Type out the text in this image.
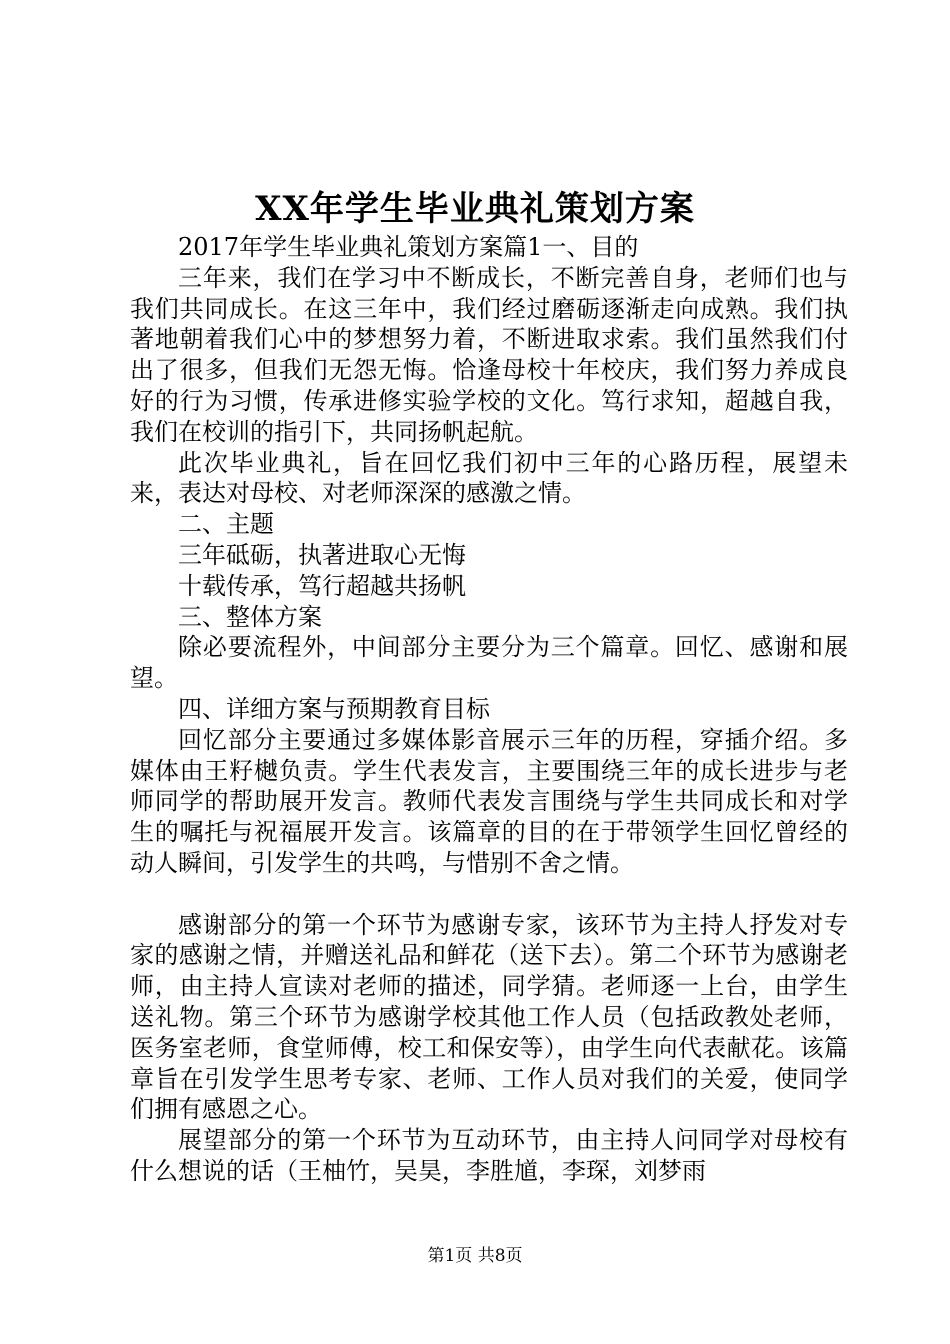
XX年学生毕业典礼策划方案

2017年学生毕业典礼策划方案篇1一、目的

三年来，我们在学习中不断成长，不断完善自身，老师们也与我们共同成长。在这三年中，我们经过磨砺逐渐走向成熟。我们执著地朝着我们心中的梦想努力着，不断进取求索。我们虽然我们付出了很多，但我们无怨无悔。恰逢母校十年校庆，我们努力养成良好的行为习惯，传承进修实验学校的文化。笃行求知，超越自我，我们在校训的指引下，共同扬帆起航。

此次毕业典礼，旨在回忆我们初中三年的心路历程，展望未来，表达对母校、对老师深深的感激之情。

二、主题

三年砥砺，执著进取心无悔

十载传承，笃行超越共扬帆

三、整体方案

除必要流程外，中间部分主要分为三个篇章。回忆、感谢和展望。

四、详细方案与预期教育目标

回忆部分主要通过多媒体影音展示三年的历程，穿插介绍。多媒体由王籽樾负责。学生代表发言，主要围绕三年的成长进步与老师同学的帮助展开发言。教师代表发言围绕与学生共同成长和对学生的嘱托与祝福展开发言。该篇章的目的在于带领学生回忆曾经的动人瞬间，引发学生的共鸣，与惜别不舍之情。

感谢部分的第一个环节为感谢专家，该环节为主持人抒发对专家的感谢之情，并赠送礼品和鲜花（送下去）。第二个环节为感谢老师，由主持人宣读对老师的描述，同学猜。老师逐一上台，由学生送礼物。第三个环节为感谢学校其他工作人员（包括政教处老师，医务室老师，食堂师傅，校工和保安等），由学生向代表献花。该篇章旨在引发学生思考专家、老师、工作人员对我们的关爱，使同学们拥有感恩之心。

展望部分的第一个环节为互动环节，由主持人问同学对母校有什么想说的话（王柚竹，吴昊，李胜馗，李琛，刘梦雨

第1页 共8页
